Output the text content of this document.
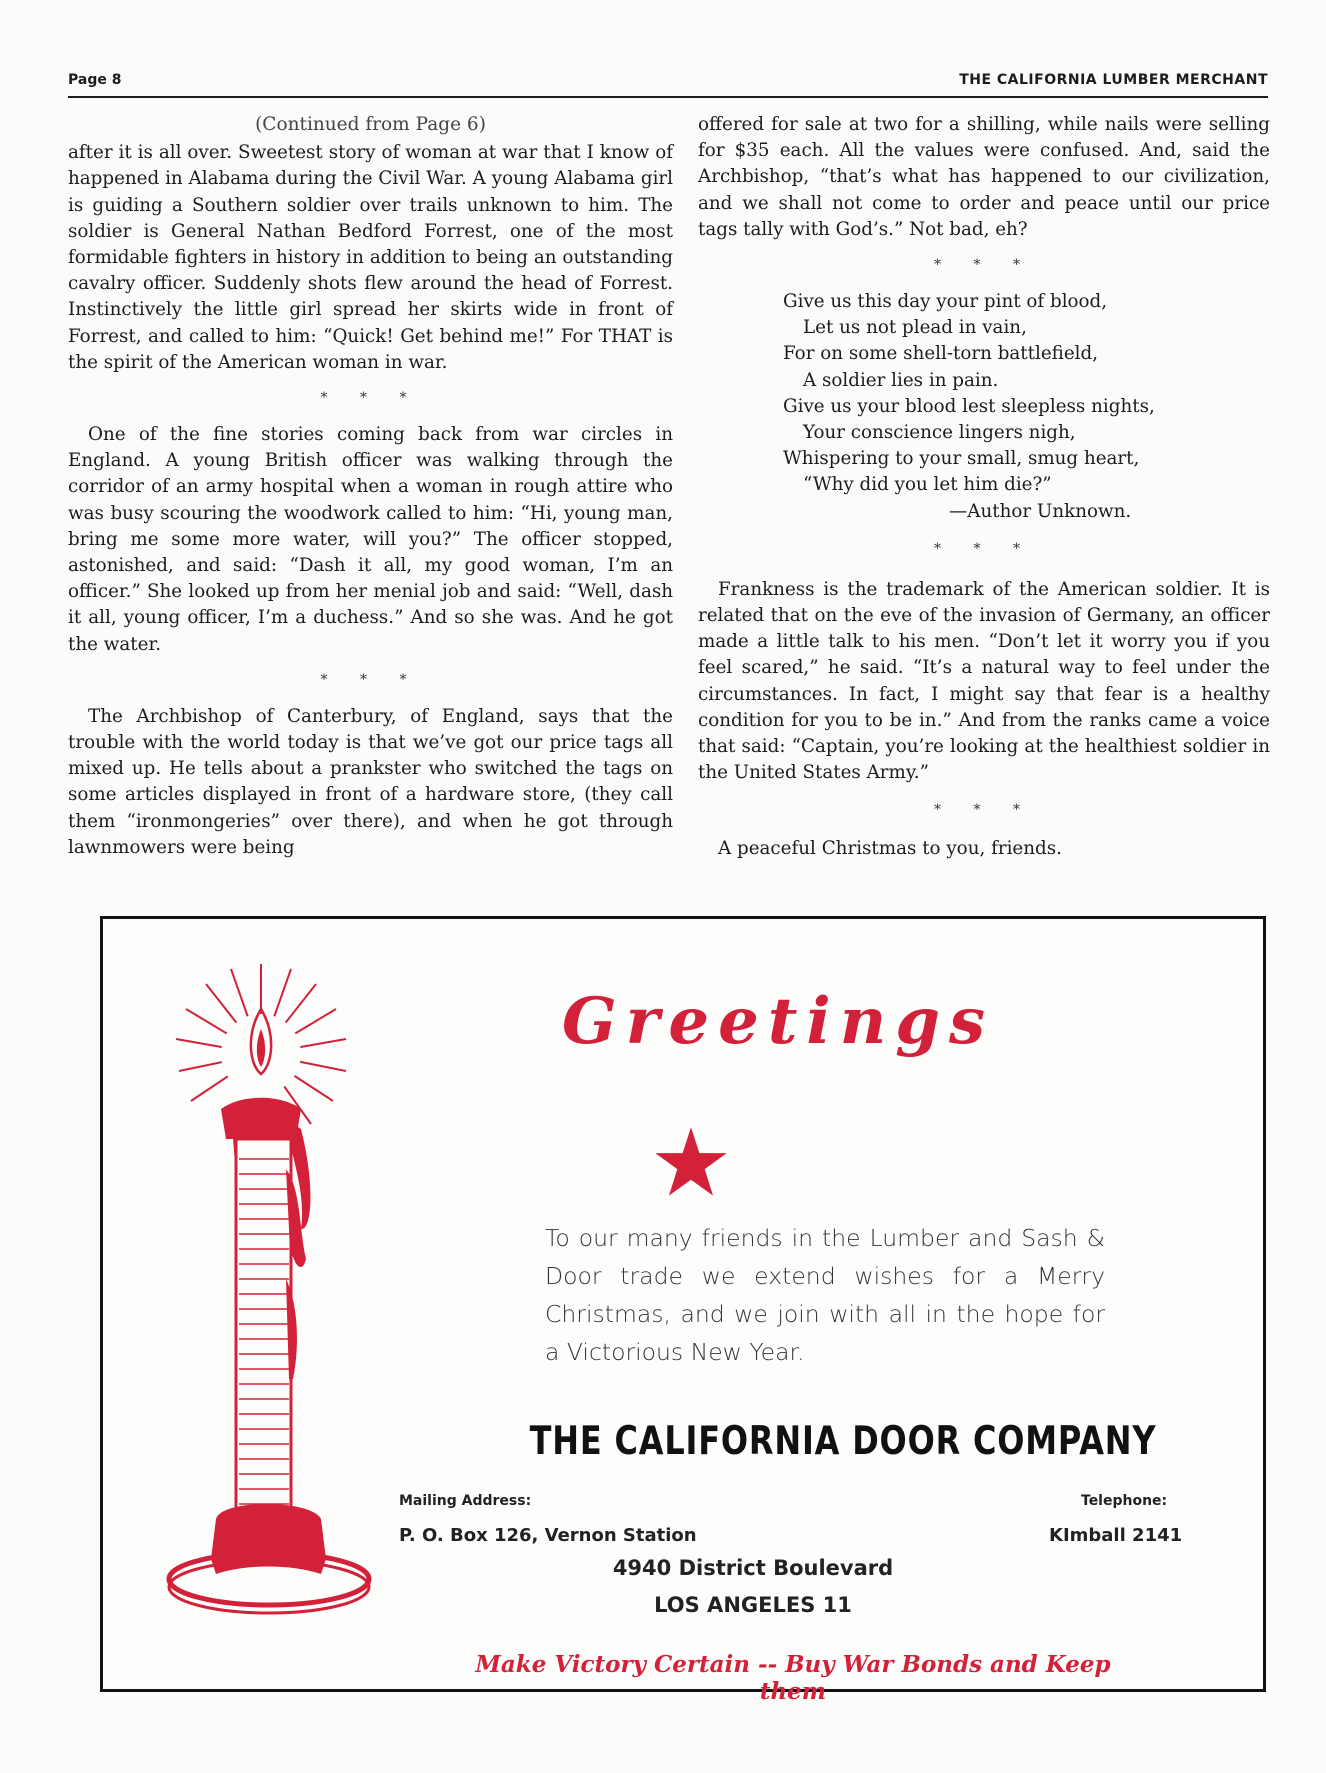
Page 8	THE CALIFORNIA LUMBER MERCHANT
(Continued from Page 6)

after it is all over. Sweetest story of woman at war that I know of happened in Alabama during the Civil War. A young Alabama girl is guiding a Southern soldier over trails unknown to him. The soldier is General Nathan Bedford Forrest, one of the most formidable fighters in history in addition to being an outstanding cavalry officer. Suddenly shots flew around the head of Forrest. Instinctively the little girl spread her skirts wide in front of Forrest, and called to him: “Quick! Get behind me!” For THAT is the spirit of the American woman in war.

* * *

One of the fine stories coming back from war circles in England. A young British officer was walking through the corridor of an army hospital when a woman in rough attire who was busy scouring the woodwork called to him: “Hi, young man, bring me some more water, will you?” The officer stopped, astonished, and said: “Dash it all, my good woman, I’m an officer.” She looked up from her menial job and said: “Well, dash it all, young officer, I’m a duchess.” And so she was. And he got the water.

* * *

The Archbishop of Canterbury, of England, says that the trouble with the world today is that we’ve got our price tags all mixed up. He tells about a prankster who switched the tags on some articles displayed in front of a hardware store, (they call them “ironmongeries” over there), and when he got through lawnmowers were being

offered for sale at two for a shilling, while nails were selling for $35 each. All the values were confused. And, said the Archbishop, “that’s what has happened to our civilization, and we shall not come to order and peace until our price tags tally with God’s.” Not bad, eh?

* * *
Give us this day your pint of blood,
Let us not plead in vain,
For on some shell-torn battlefield,
A soldier lies in pain.
Give us your blood lest sleepless nights,
Your conscience lingers nigh,
Whispering to your small, smug heart,
“Why did you let him die?”
—Author Unknown.
* * *

Frankness is the trademark of the American soldier. It is related that on the eve of the invasion of Germany, an officer made a little talk to his men. “Don’t let it worry you if you feel scared,” he said. “It’s a natural way to feel under the circumstances. In fact, I might say that fear is a healthy condition for you to be in.” And from the ranks came a voice that said: “Captain, you’re looking at the healthiest soldier in the United States Army.”

* * *

A peaceful Christmas to you, friends.

Greetings
To our many friends in the Lumber and Sash & Door trade we extend wishes for a Merry Christmas, and we join with all in the hope for a Victorious New Year.
THE CALIFORNIA DOOR COMPANY
Mailing Address:
P. O. Box 126, Vernon Station
Telephone:
KImball 2141
4940 District Boulevard
LOS ANGELES 11
Make Victory Certain -- Buy War Bonds and Keep them
